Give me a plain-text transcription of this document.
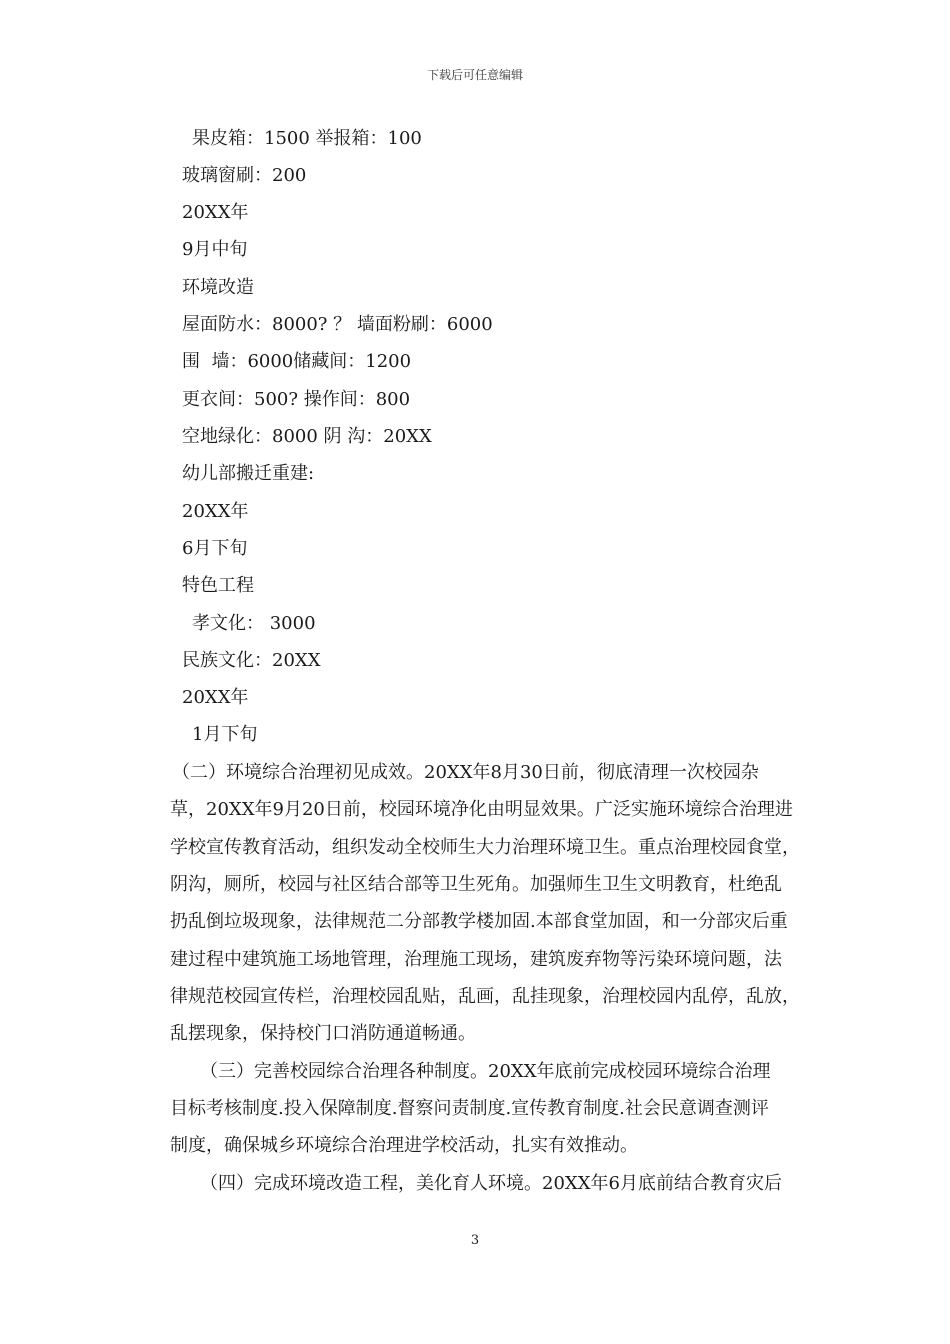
下载后可任意编辑
果皮箱：1500 举报箱：100
玻璃窗刷：200
20XX年
9月中旬
环境改造
屋面防水：8000? ？ 墙面粉刷：6000
围  墙：6000储藏间：1200
更衣间：500? 操作间：800
空地绿化：8000 阴 沟：20XX
幼儿部搬迁重建:
20XX年
6月下旬
特色工程
孝文化： 3000
民族文化：20XX
20XX年
1月下旬
（二）环境综合治理初见成效。20XX年8月30日前，彻底清理一次校园杂
草，20XX年9月20日前，校园环境净化由明显效果。广泛实施环境综合治理进
学校宣传教育活动，组织发动全校师生大力治理环境卫生。重点治理校园食堂，
阴沟，厕所，校园与社区结合部等卫生死角。加强师生卫生文明教育，杜绝乱
扔乱倒垃圾现象，法律规范二分部教学楼加固.本部食堂加固，和一分部灾后重
建过程中建筑施工场地管理，治理施工现场，建筑废弃物等污染环境问题，法
律规范校园宣传栏，治理校园乱贴，乱画，乱挂现象，治理校园内乱停，乱放，
乱摆现象，保持校门口消防通道畅通。
（三）完善校园综合治理各种制度。20XX年底前完成校园环境综合治理
目标考核制度.投入保障制度.督察问责制度.宣传教育制度.社会民意调查测评
制度，确保城乡环境综合治理进学校活动，扎实有效推动。
（四）完成环境改造工程，美化育人环境。20XX年6月底前结合教育灾后
3
